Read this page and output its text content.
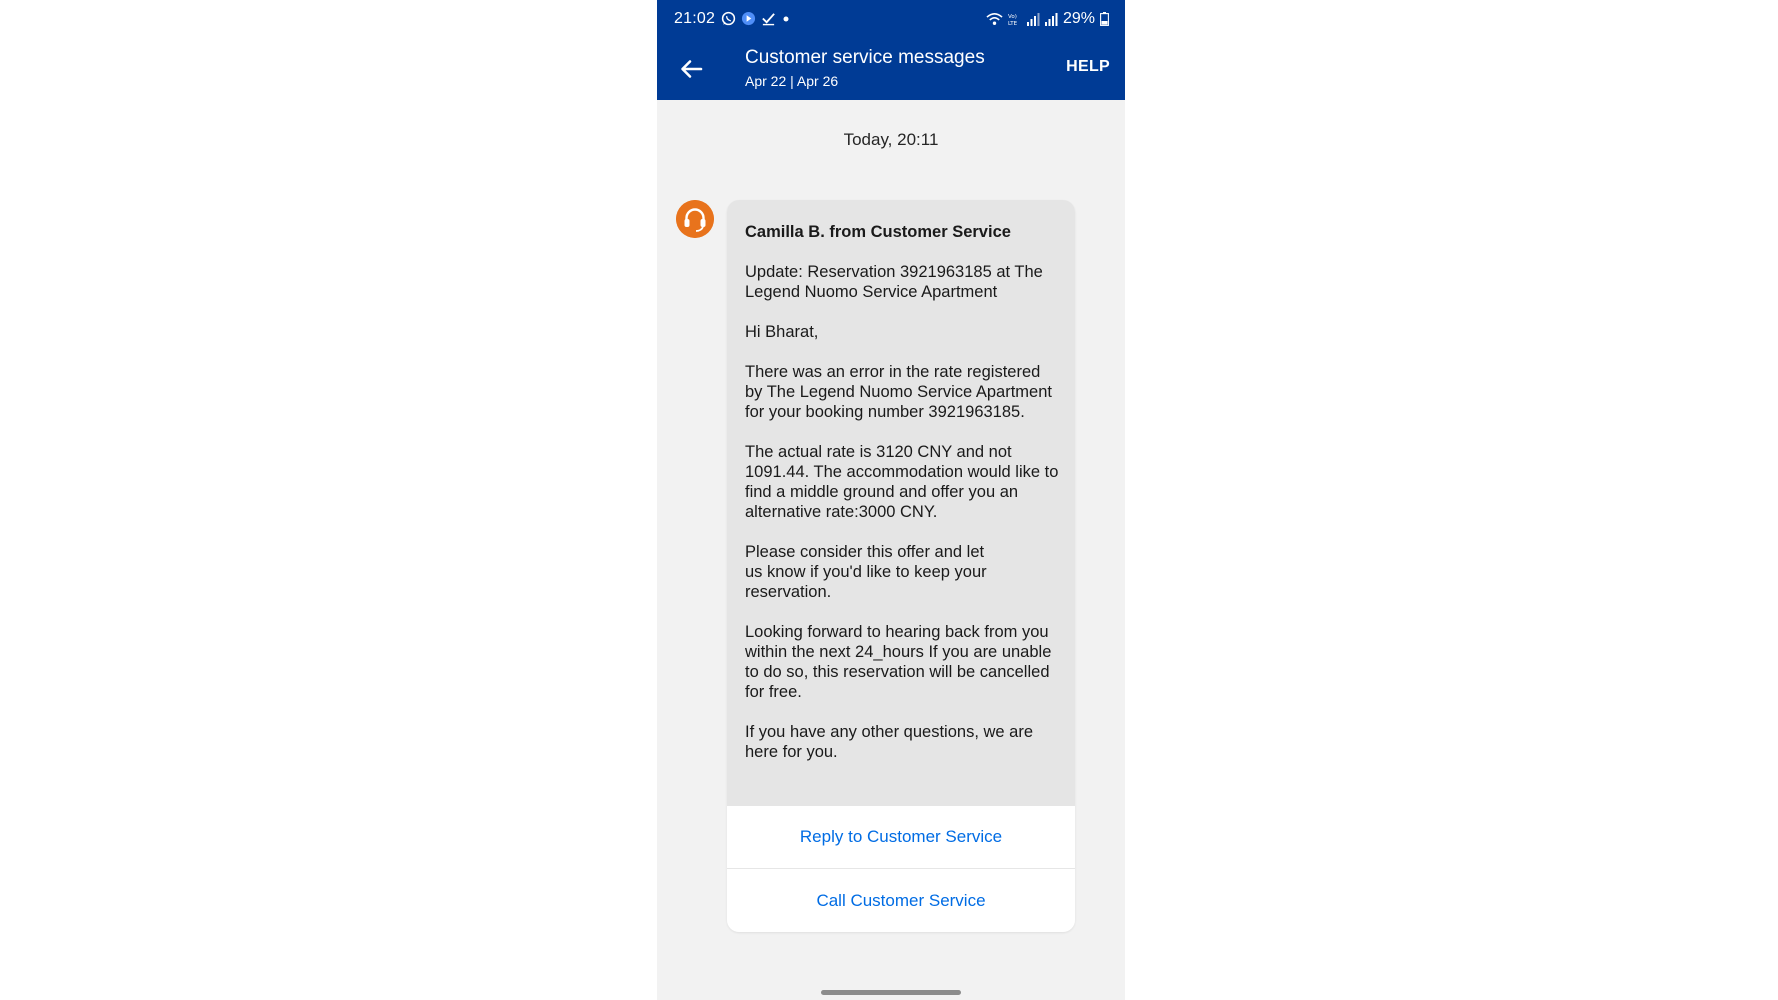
21:02	Vo)
LTE	29%
Customer service messages
Apr 22 | Apr 26
HELP
Today, 20:11

Camilla B. from Customer Service

Update: Reservation 3921963185 at The Legend Nuomo Service Apartment

Hi Bharat,

There was an error in the rate registered by The Legend Nuomo Service Apartment for your booking number 3921963185.

The actual rate is 3120 CNY and not 1091.44. The accommodation would like to find a middle ground and offer you an alternative rate:3000 CNY.

Please consider this offer and let
us know if you'd like to keep your
reservation.

Looking forward to hearing back from you within the next 24_hours If you are unable to do so, this reservation will be cancelled for free.

If you have any other questions, we are here for you.

Reply to Customer Service
Call Customer Service
